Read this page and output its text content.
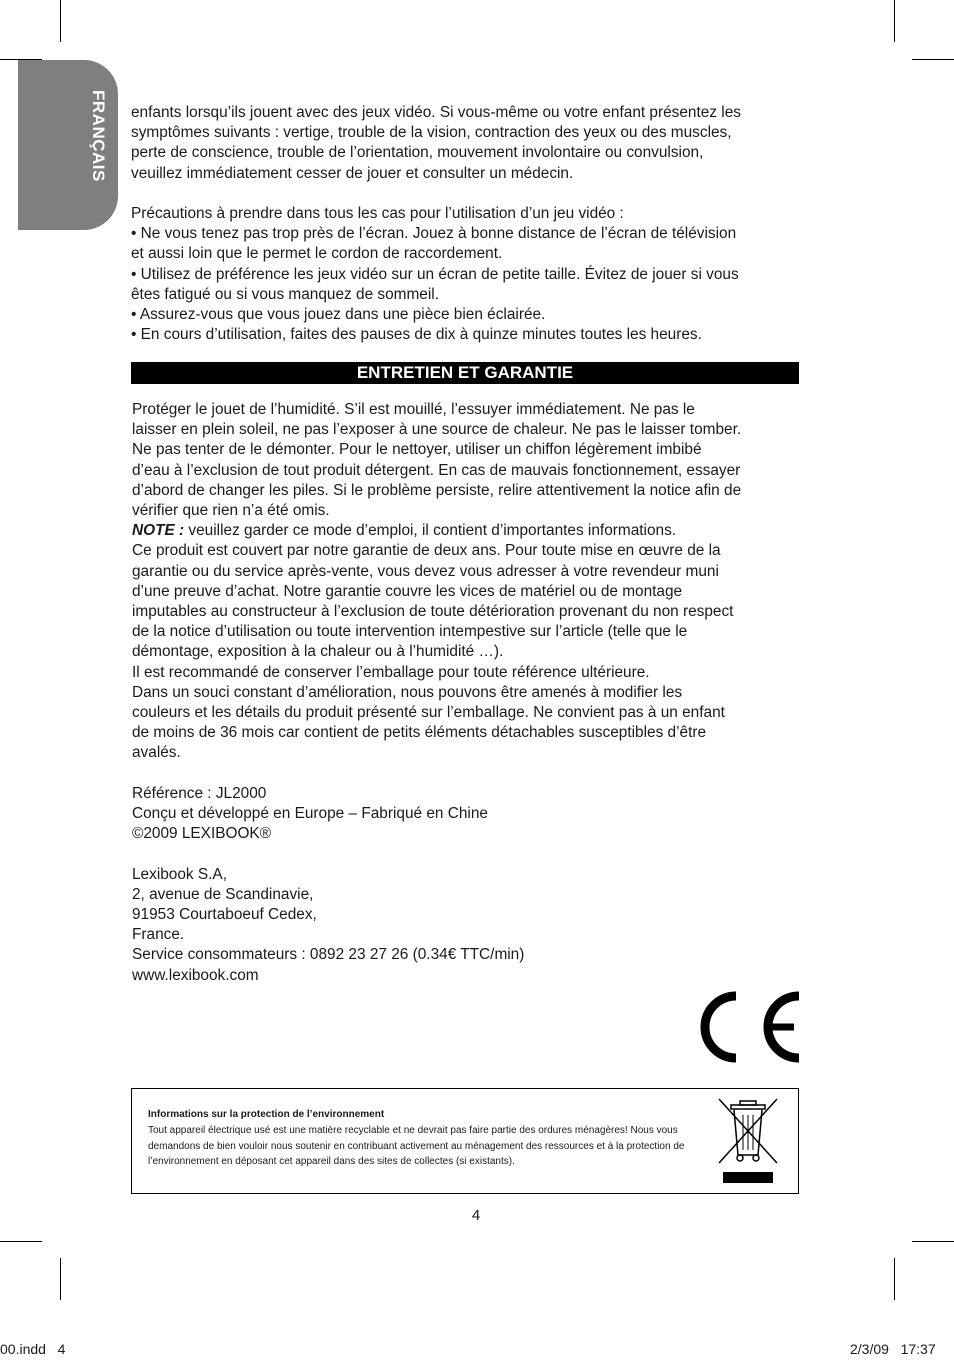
FRANÇAIS enfants lorsqu’ils jouent avec des jeux vidéo. Si vous-même ou votre enfant présentez les
symptômes suivants : vertige, trouble de la vision, contraction des yeux ou des muscles,
perte de conscience, trouble de l’orientation, mouvement involontaire ou convulsion,
veuillez immédiatement cesser de jouer et consulter un médecin.

Précautions à prendre dans tous les cas pour l’utilisation d’un jeu vidéo :
• Ne vous tenez pas trop près de l’écran. Jouez à bonne distance de l’écran de télévision
et aussi loin que le permet le cordon de raccordement.
• Utilisez de préférence les jeux vidéo sur un écran de petite taille. Évitez de jouer si vous
êtes fatigué ou si vous manquez de sommeil.
• Assurez-vous que vous jouez dans une pièce bien éclairée.
• En cours d’utilisation, faites des pauses de dix à quinze minutes toutes les heures.

ENTRETIEN ET GARANTIE
Protéger le jouet de l’humidité. S’il est mouillé, l’essuyer immédiatement. Ne pas le
laisser en plein soleil, ne pas l’exposer à une source de chaleur. Ne pas le laisser tomber.
Ne pas tenter de le démonter. Pour le nettoyer, utiliser un chiffon légèrement imbibé
d’eau à l’exclusion de tout produit détergent. En cas de mauvais fonctionnement, essayer
d’abord de changer les piles. Si le problème persiste, relire attentivement la notice afin de
vérifier que rien n’a été omis.
NOTE : veuillez garder ce mode d’emploi, il contient d’importantes informations.
Ce produit est couvert par notre garantie de deux ans. Pour toute mise en œuvre de la
garantie ou du service après-vente, vous devez vous adresser à votre revendeur muni
d’une preuve d’achat. Notre garantie couvre les vices de matériel ou de montage
imputables au constructeur à l’exclusion de toute détérioration provenant du non respect
de la notice d’utilisation ou toute intervention intempestive sur l’article (telle que le
démontage, exposition à la chaleur ou à l’humidité …).
Il est recommandé de conserver l’emballage pour toute référence ultérieure.
Dans un souci constant d’amélioration, nous pouvons être amenés à modifier les
couleurs et les détails du produit présenté sur l’emballage. Ne convient pas à un enfant
de moins de 36 mois car contient de petits éléments détachables susceptibles d’être
avalés.

Référence : JL2000
Conçu et développé en Europe – Fabriqué en Chine
©2009 LEXIBOOK®

Lexibook S.A,
2, avenue de Scandinavie,
91953 Courtaboeuf Cedex,
France.
Service consommateurs : 0892 23 27 26 (0.34€ TTC/min)
www.lexibook.com
Informations sur la protection de l’environnement
Tout appareil électrique usé est une matière recyclable et ne devrait pas faire partie des ordures ménagères! Nous vous demandons de bien vouloir nous soutenir en contribuant activement au ménagement des ressources et à la protection de l’environnement en déposant cet appareil dans des sites de collectes (si existants).
4
00.indd   4	2/3/09   17:37
